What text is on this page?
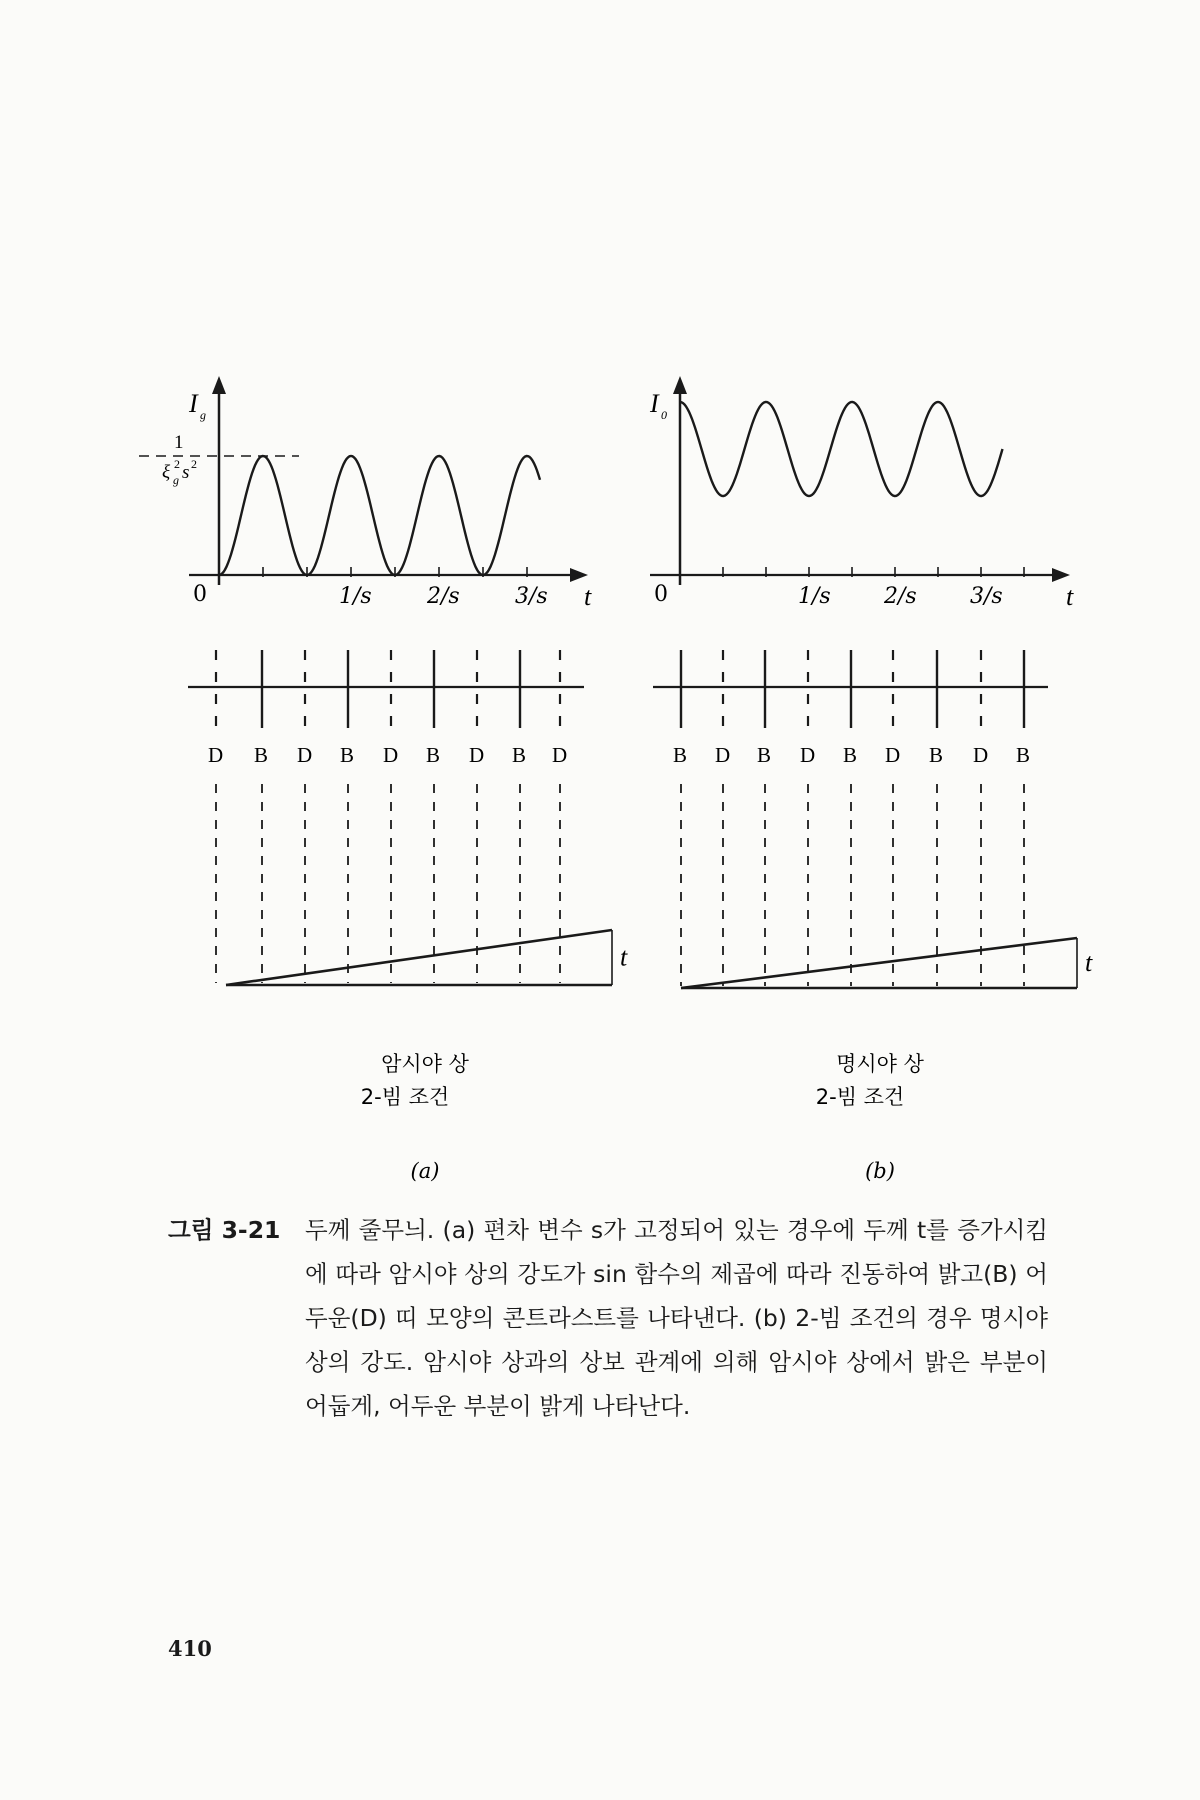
I g
0	t
1/s	2/s	3/s
1
ξ g
2 s 2
D B D B D B D B D
t
암시야 상
2-빔 조건
(a)
I 0
0	t
1/s 2/s 3/s
B D B D B D B D B
t
명시야 상
2-빔 조건
(b)
그림 3-21	두께 줄무늬. (a) 편차 변수 s가 고정되어 있는 경우에 두께 t를 증가시킴에 따라 암시야 상의 강도가 sin 함수의 제곱에 따라 진동하여 밝고(B) 어두운(D) 띠 모양의 콘트라스트를 나타낸다. (b) 2-빔 조건의 경우 명시야 상의 강도. 암시야 상과의 상보 관계에 의해 암시야 상에서 밝은 부분이 어둡게, 어두운 부분이 밝게 나타난다.
410
